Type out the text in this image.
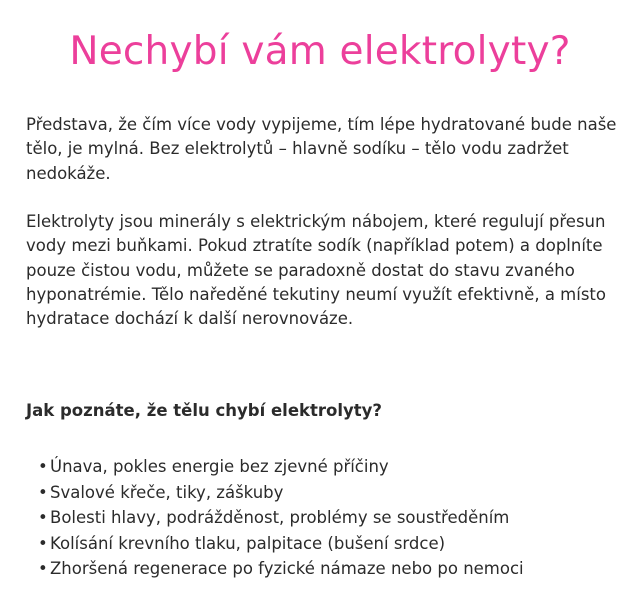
Nechybí vám elektrolyty?

Představa, že čím více vody vypijeme, tím lépe hydratované bude naše tělo, je mylná. Bez elektrolytů – hlavně sodíku – tělo vodu zadržet nedokáže.

Elektrolyty jsou minerály s elektrickým nábojem, které regulují přesun vody mezi buňkami. Pokud ztratíte sodík (například potem) a doplníte pouze čistou vodu, můžete se paradoxně dostat do stavu zvaného hyponatrémie. Tělo naředěné tekutiny neumí využít efektivně, a místo hydratace dochází k další nerovnováze.

Jak poznáte, že tělu chybí elektrolyty?
• Únava, pokles energie bez zjevné příčiny
• Svalové křeče, tiky, záškuby
• Bolesti hlavy, podrážděnost, problémy se soustředěním
• Kolísání krevního tlaku, palpitace (bušení srdce)
• Zhoršená regenerace po fyzické námaze nebo po nemoci
